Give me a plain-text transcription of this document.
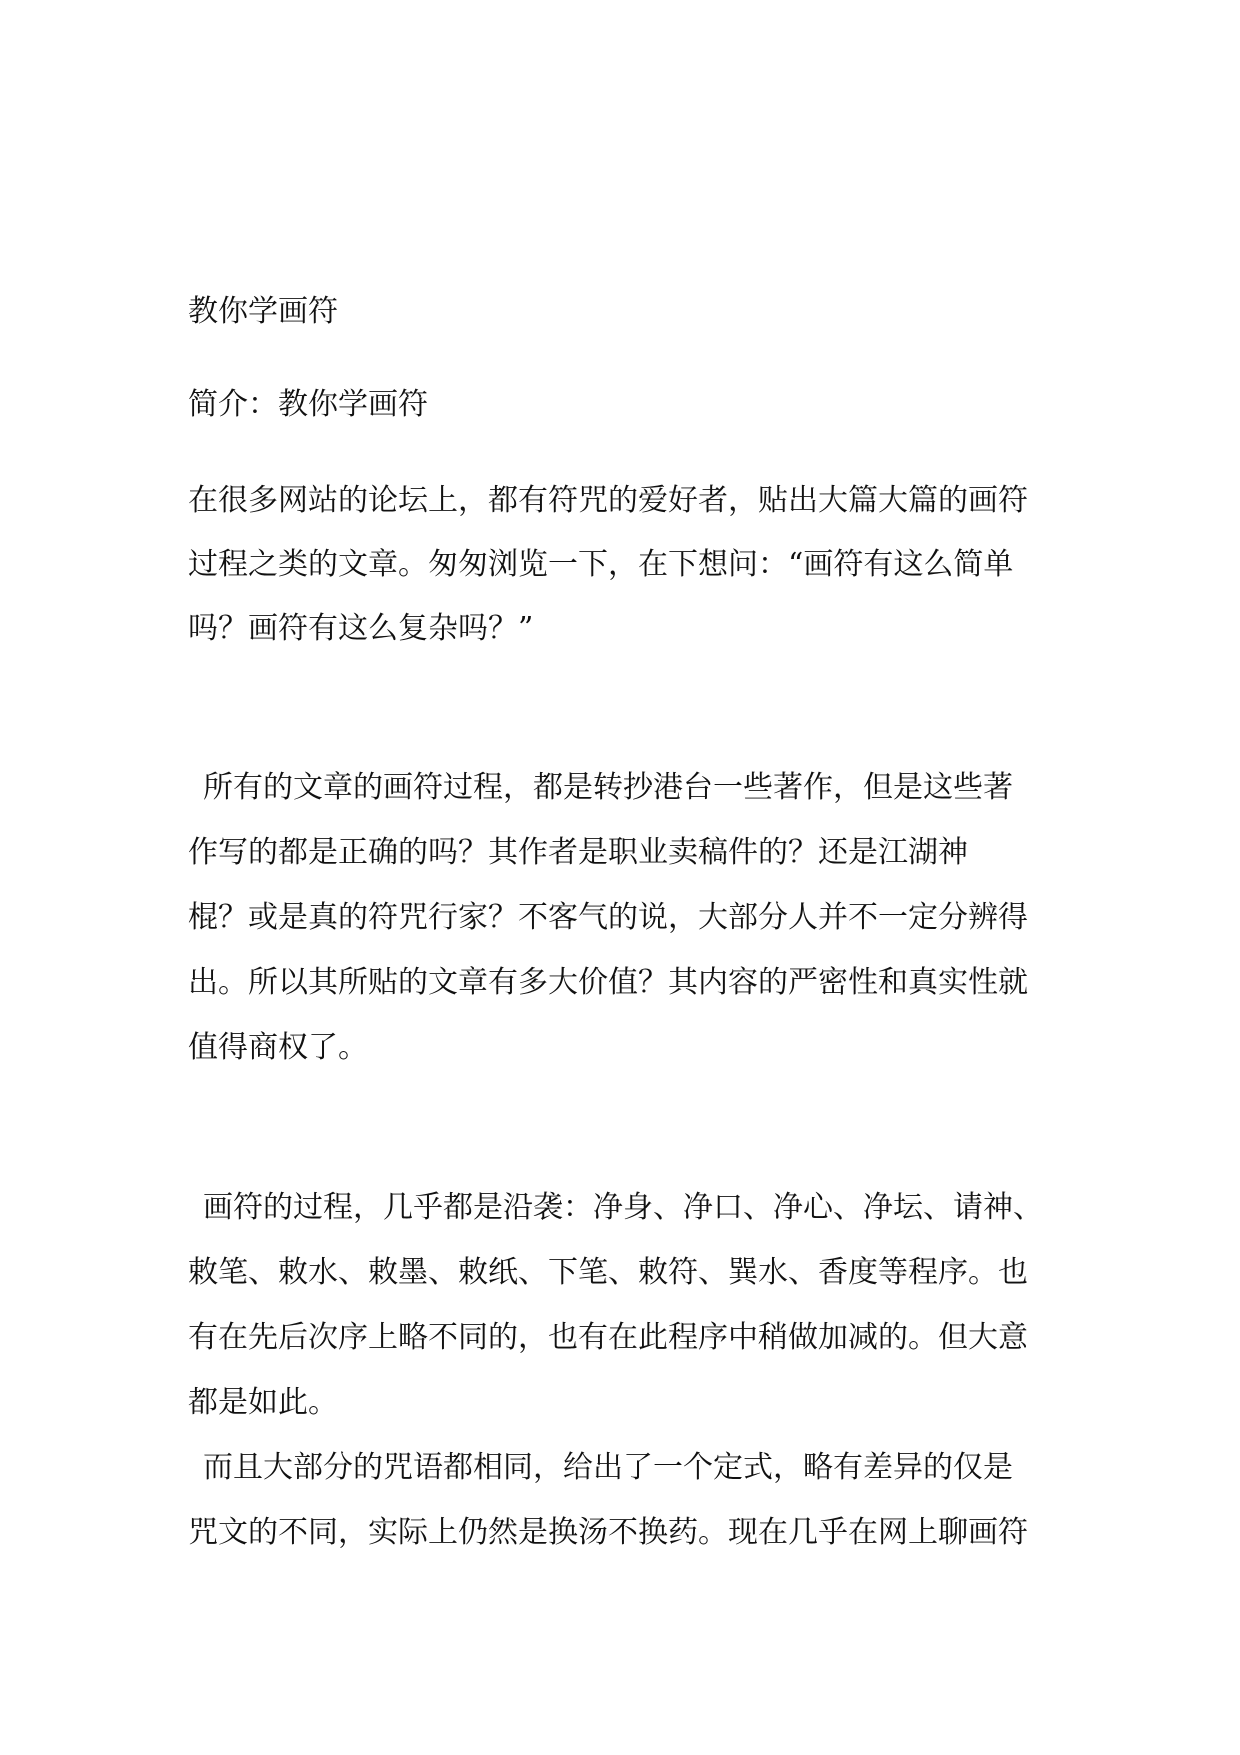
教你学画符
简介：教你学画符
在很多网站的论坛上，都有符咒的爱好者，贴出大篇大篇的画符
过程之类的文章。匆匆浏览一下，在下想问：“画符有这么简单
吗？画符有这么复杂吗？”
所有的文章的画符过程，都是转抄港台一些著作，但是这些著
作写的都是正确的吗？其作者是职业卖稿件的？还是江湖神
棍？或是真的符咒行家？不客气的说，大部分人并不一定分辨得
出。所以其所贴的文章有多大价值？其内容的严密性和真实性就
值得商权了。
画符的过程，几乎都是沿袭：净身、净口、净心、净坛、请神、
敕笔、敕水、敕墨、敕纸、下笔、敕符、巽水、香度等程序。也
有在先后次序上略不同的，也有在此程序中稍做加减的。但大意
都是如此。
而且大部分的咒语都相同，给出了一个定式，略有差异的仅是
咒文的不同，实际上仍然是换汤不换药。现在几乎在网上聊画符
